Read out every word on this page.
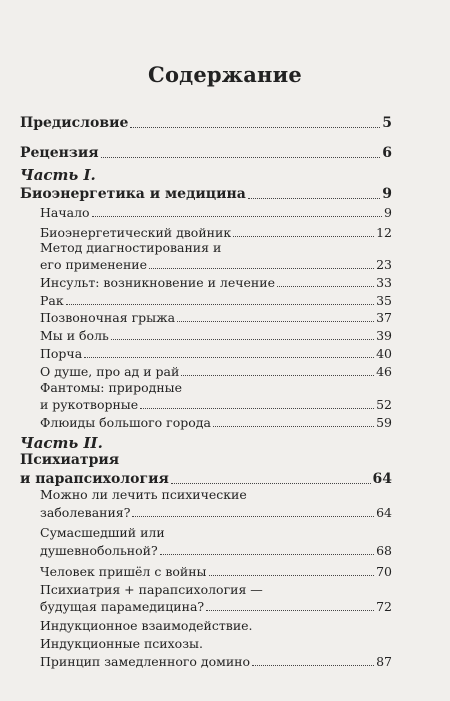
Содержание
Предисловие	5
Рецензия	6
Часть I.
Биоэнергетика и медицина	9
Начало	9
Биоэнергетический двойник	12
Метод диагностирования и
его применение	23
Инсульт: возникновение и лечение	33
Рак	35
Позвоночная грыжа	37
Мы и боль	39
Порча	40
О душе, про ад и рай	46
Фантомы: природные
и рукотворные	52
Флюиды большого города	59
Часть II.
Психиатрия
и парапсихология	64
Можно ли лечить психические
заболевания?	64
Сумасшедший или
душевнобольной?	68
Человек пришёл с войны	70
Психиатрия + парапсихология —
будущая парамедицина?	72
Индукционное взаимодействие.
Индукционные психозы.
Принцип замедленного домино	87
